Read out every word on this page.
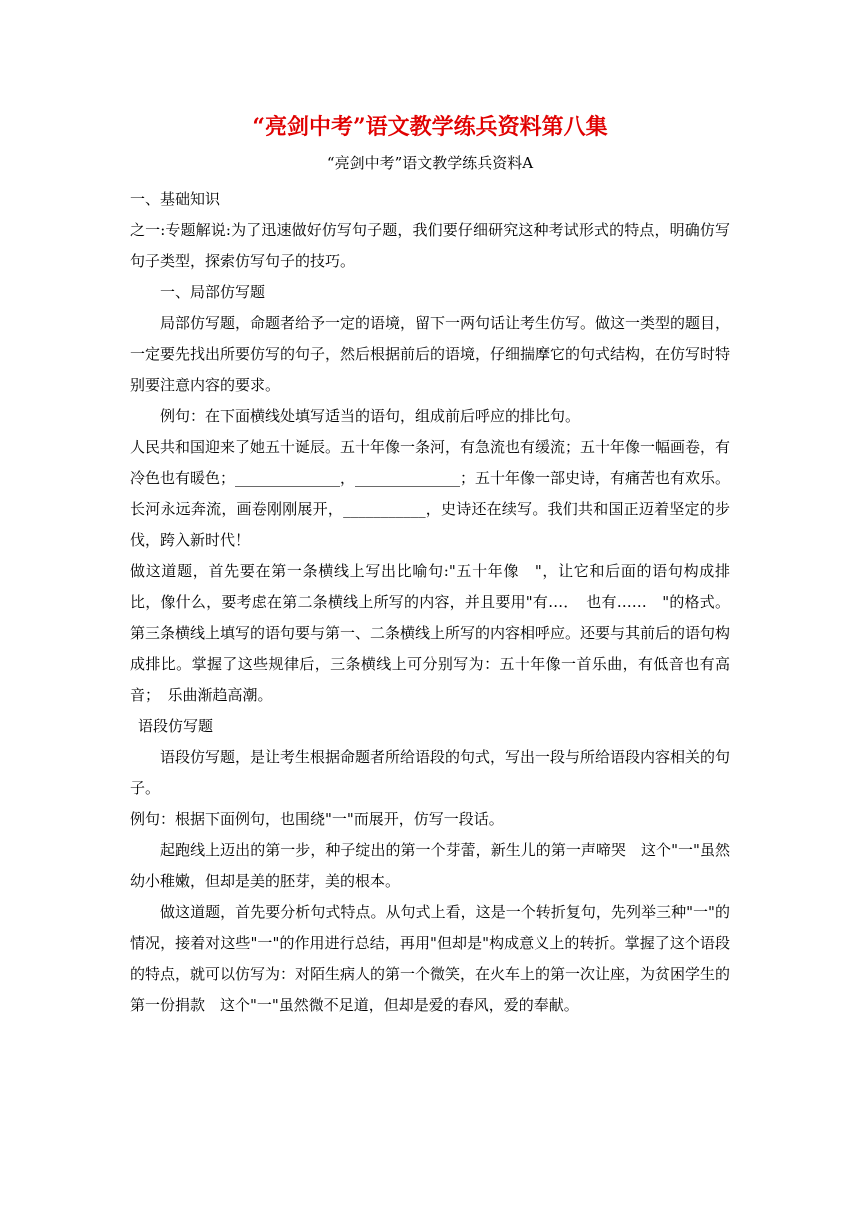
“亮剑中考”语文教学练兵资料第八集
“亮剑中考”语文教学练兵资料A

一、基础知识

之一:专题解说:为了迅速做好仿写句子题，我们要仔细研究这种考试形式的特点，明确仿写句子类型，探索仿写句子的技巧。

一、局部仿写题

局部仿写题，命题者给予一定的语境，留下一两句话让考生仿写。做这一类型的题目，一定要先找出所要仿写的句子，然后根据前后的语境，仔细揣摩它的句式结构，在仿写时特别要注意内容的要求。

例句：在下面横线处填写适当的语句，组成前后呼应的排比句。

人民共和国迎来了她五十诞辰。五十年像一条河，有急流也有缓流；五十年像一幅画卷，有冷色也有暖色；______________，______________；五十年像一部史诗，有痛苦也有欢乐。长河永远奔流，画卷刚刚展开，___________，史诗还在续写。我们共和国正迈着坚定的步伐，跨入新时代！

做这道题，首先要在第一条横线上写出比喻句:"五十年像　"，让它和后面的语句构成排比，像什么，要考虑在第二条横线上所写的内容，并且要用"有…．　也有……　"的格式。第三条横线上填写的语句要与第一、二条横线上所写的内容相呼应。还要与其前后的语句构成排比。掌握了这些规律后，三条横线上可分别写为：五十年像一首乐曲，有低音也有高音；　乐曲渐趋高潮。

语段仿写题

语段仿写题，是让考生根据命题者所给语段的句式，写出一段与所给语段内容相关的句子。

例句：根据下面例句，也围绕"一"而展开，仿写一段话。

起跑线上迈出的第一步，种子绽出的第一个芽蕾，新生儿的第一声啼哭　这个"一"虽然幼小稚嫩，但却是美的胚芽，美的根本。

做这道题，首先要分析句式特点。从句式上看，这是一个转折复句，先列举三种"一"的情况，接着对这些"一"的作用进行总结，再用"但却是"构成意义上的转折。掌握了这个语段的特点，就可以仿写为：对陌生病人的第一个微笑，在火车上的第一次让座，为贫困学生的第一份捐款　这个"一"虽然微不足道，但却是爱的春风，爱的奉献。
